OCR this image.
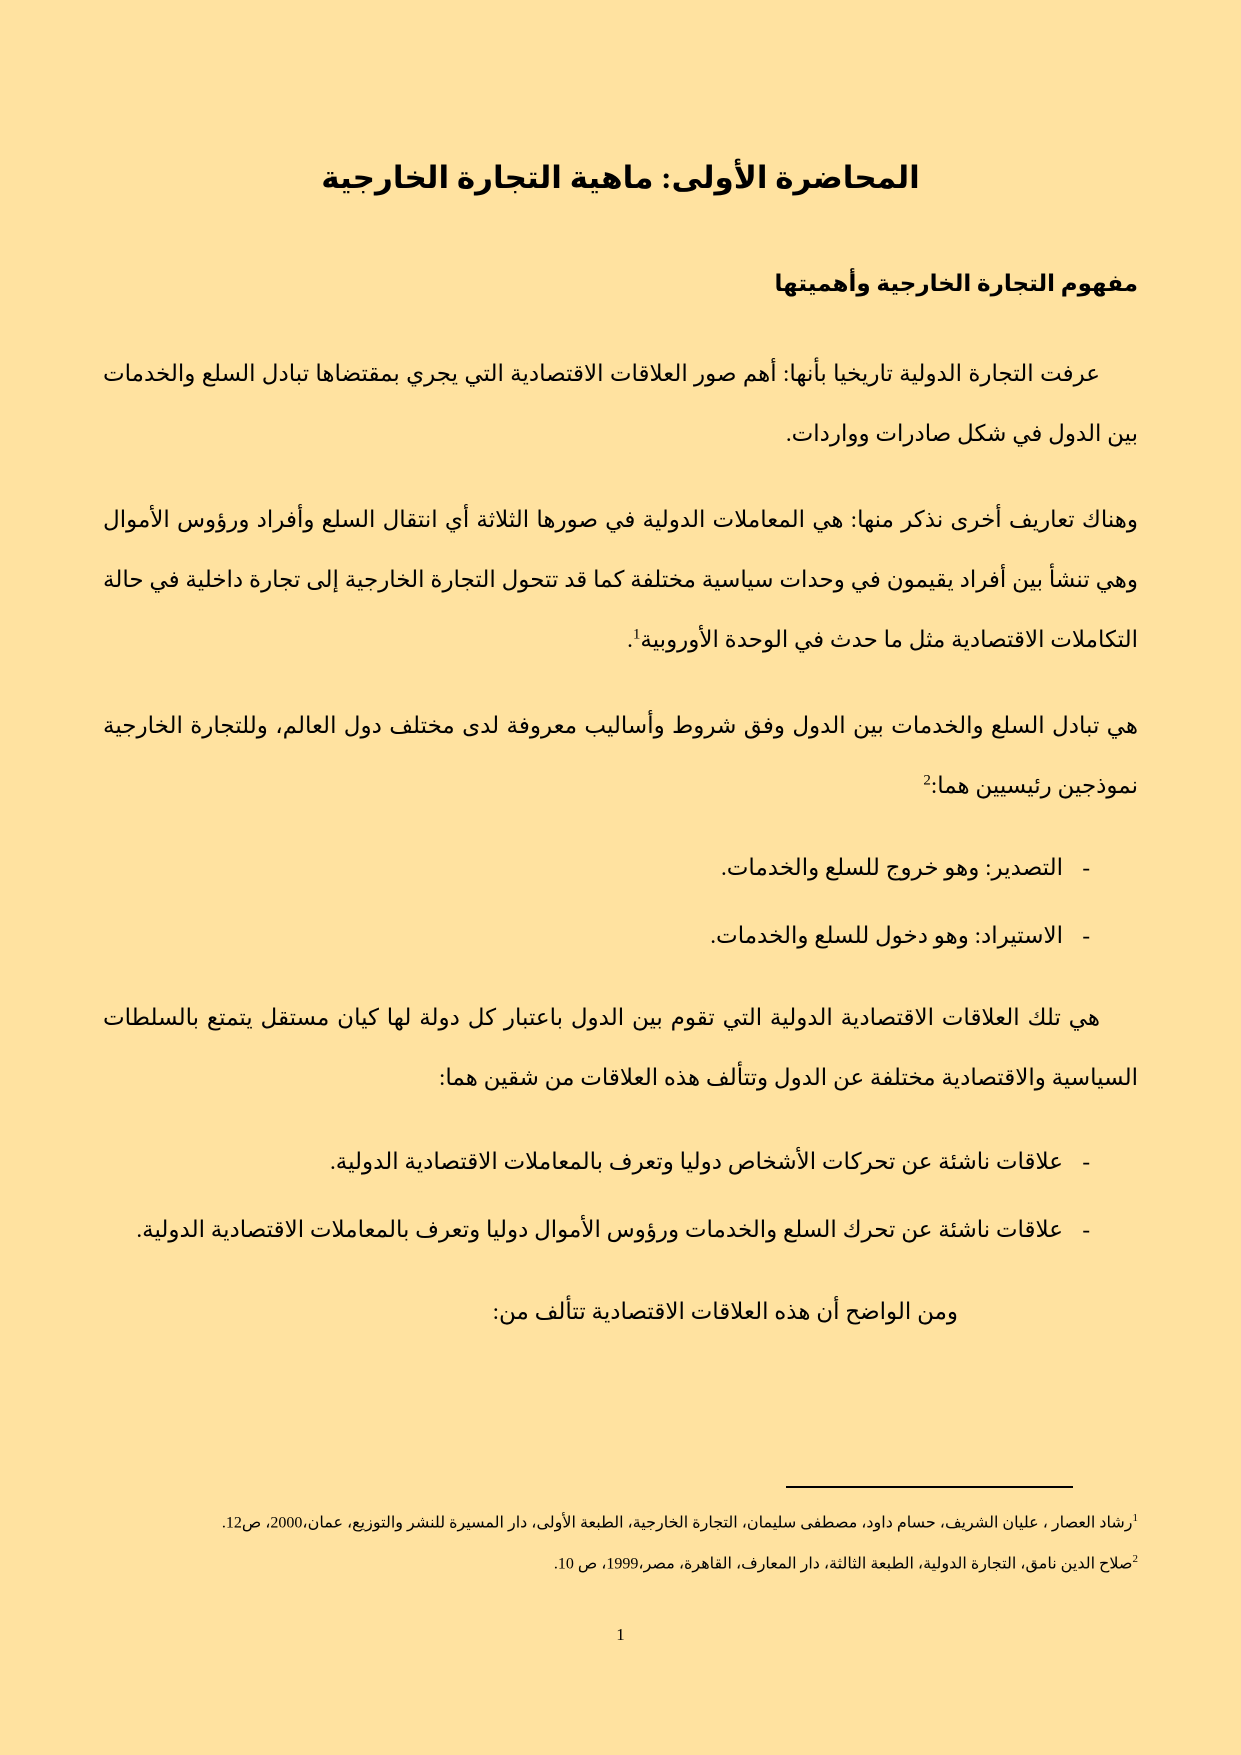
المحاضرة الأولى: ماهية التجارة الخارجية
مفهوم التجارة الخارجية وأهميتها

عرفت التجارة الدولية تاريخيا بأنها: أهم صور العلاقات الاقتصادية التي يجري بمقتضاها تبادل السلع والخدمات بين الدول في شكل صادرات وواردات.

وهناك تعاريف أخرى نذكر منها: هي المعاملات الدولية في صورها الثلاثة أي انتقال السلع وأفراد ورؤوس الأموال وهي تنشأ بين أفراد يقيمون في وحدات سياسية مختلفة كما قد تتحول التجارة الخارجية إلى تجارة داخلية في حالة التكاملات الاقتصادية مثل ما حدث في الوحدة الأوروبية$^1$.

هي تبادل السلع والخدمات بين الدول وفق شروط وأساليب معروفة لدى مختلف دول العالم، وللتجارة الخارجية نموذجين رئيسيين هما:$^2$

-
التصدير: وهو خروج للسلع والخدمات.
-
الاستيراد: وهو دخول للسلع والخدمات.

هي تلك العلاقات الاقتصادية الدولية التي تقوم بين الدول باعتبار كل دولة لها كيان مستقل يتمتع بالسلطات السياسية والاقتصادية مختلفة عن الدول وتتألف هذه العلاقات من شقين هما:

-
علاقات ناشئة عن تحركات الأشخاص دوليا وتعرف بالمعاملات الاقتصادية الدولية.
-
علاقات ناشئة عن تحرك السلع والخدمات ورؤوس الأموال دوليا وتعرف بالمعاملات الاقتصادية الدولية.

ومن الواضح أن هذه العلاقات الاقتصادية تتألف من:

$^1$رشاد العصار ، عليان الشريف، حسام داود، مصطفى سليمان، التجارة الخارجية، الطبعة الأولى، دار المسيرة للنشر والتوزيع، عمان،2000، ص12.
$^2$صلاح الدين نامق، التجارة الدولية، الطبعة الثالثة، دار المعارف، القاهرة، مصر،1999، ص 10.
1
